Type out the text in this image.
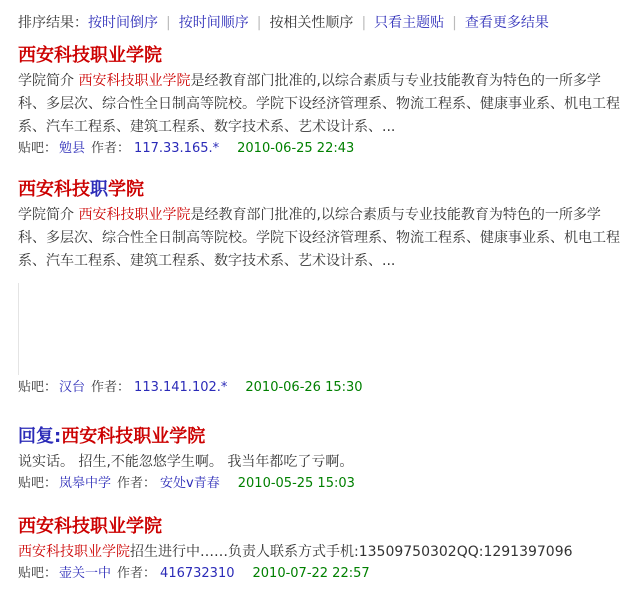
排序结果：按时间倒序 | 按时间顺序 | 按相关性顺序 | 只看主题贴 | 查看更多结果
西安科技职业学院
学院简介 西安科技职业学院是经教育部门批准的,以综合素质与专业技能教育为特色的一所多学科、多层次、综合性全日制高等院校。学院下设经济管理系、物流工程系、健康事业系、机电工程系、汽车工程系、建筑工程系、数字技术系、艺术设计系、...
贴吧： 勉县 作者： 117.33.165.* 2010-06-25 22:43
西安科技职学院
学院简介 西安科技职业学院是经教育部门批准的,以综合素质与专业技能教育为特色的一所多学科、多层次、综合性全日制高等院校。学院下设经济管理系、物流工程系、健康事业系、机电工程系、汽车工程系、建筑工程系、数字技术系、艺术设计系、...
贴吧： 汉台 作者： 113.141.102.* 2010-06-26 15:30
回复:西安科技职业学院
说实话。 招生,不能忽悠学生啊。 我当年都吃了亏啊。
贴吧： 岚皋中学 作者： 安处v青春 2010-05-25 15:03
西安科技职业学院
西安科技职业学院招生进行中……负责人联系方式手机:13509750302QQ:1291397096
贴吧： 壶关一中 作者： 416732310 2010-07-22 22:57
